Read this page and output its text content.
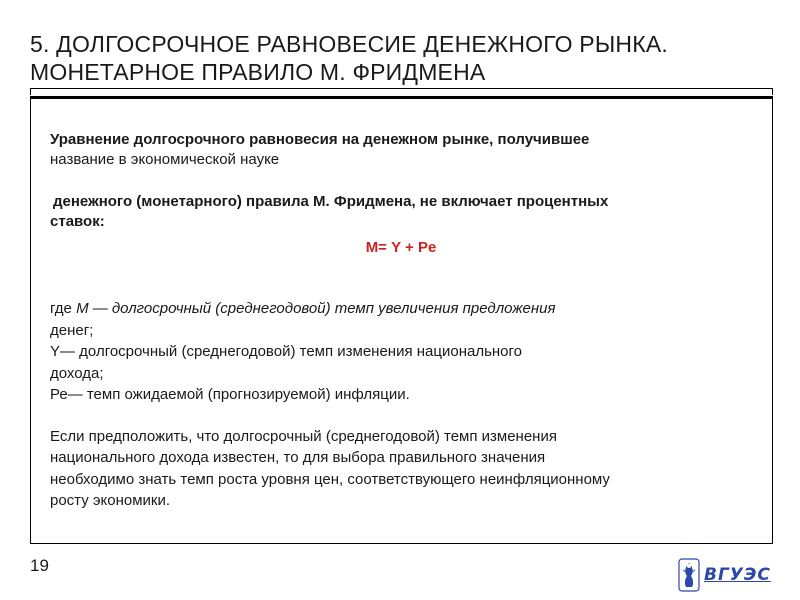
5. ДОЛГОСРОЧНОЕ РАВНОВЕСИЕ ДЕНЕЖНОГО РЫНКА.
МОНЕТАРНОЕ ПРАВИЛО М. ФРИДМЕНА

Уравнение долгосрочного равновесия на денежном рынке, получившее

название в экономической науке

денежного (монетарного) правила М. Фридмена, не включает процентных
ставок:
М= Y + Pe
где М — долгосрочный (среднегодовой) темп увеличения предложения
денег;
Y— долгосрочный (среднегодовой) темп изменения национального
дохода;
Ре— темп ожидаемой (прогнозируемой) инфляции.
Если предположить, что долгосрочный (среднегодовой) темп изменения
национального дохода известен, то для выбора правильного значения
необходимо знать темп роста уровня цен, соответствующего неинфляционному
росту экономики.
19	ВГУЭС
